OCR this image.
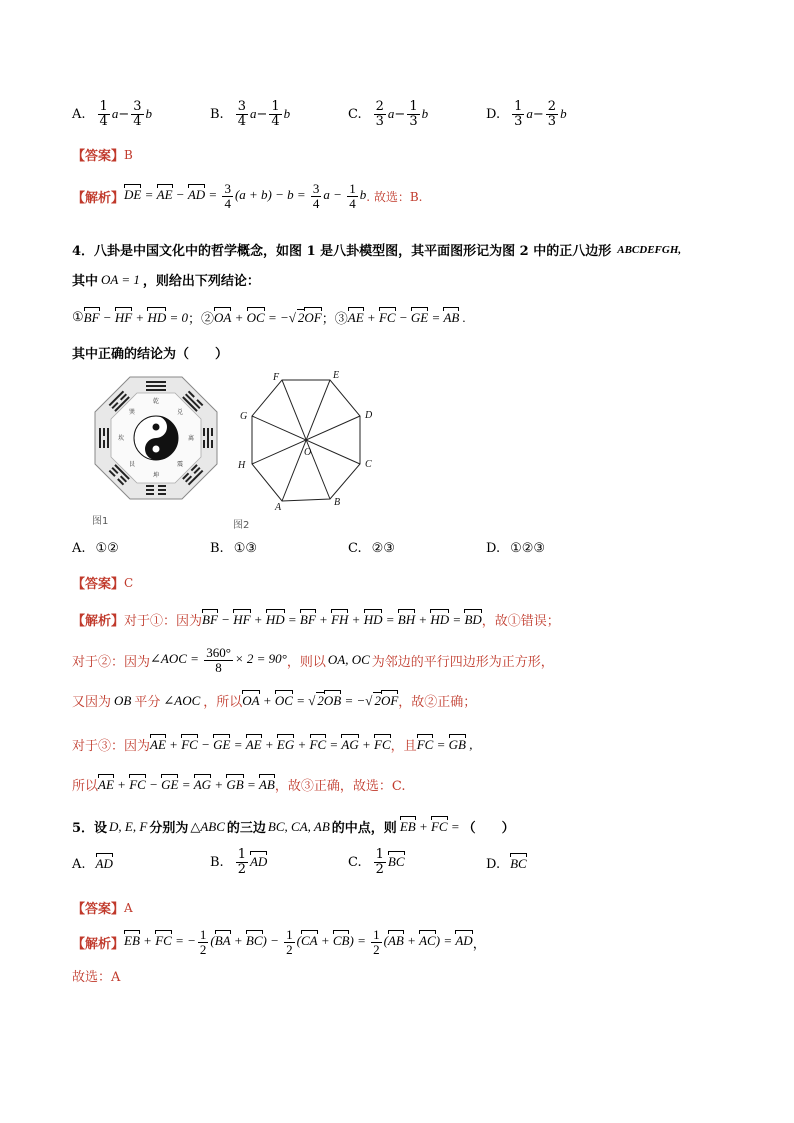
A. $\frac{1}{4}$ $a - \frac{3}{4}$ b	B. $\frac{3}{4}$ $a - \frac{1}{4}$ b	C. $\frac{2}{3}$ $a - \frac{1}{3}$ b	D. $\frac{1}{3}$ $a - \frac{2}{3}$ b
【答案】 B
【解析】 DE = AE − AD = $\frac{3}{4} (a + b) - b = \frac{3}{4}$ $a - \frac{1}{4}$ b . 故选：B.
4．八卦是中国文化中的哲学概念，如图 1 是八卦模型图，其平面图形记为图 2 中的正八边形 ABCDEFGH,
其中 OA = 1 ，则给出下列结论：
① BF − HF + HD = 0 ；② OA + OC = −√ 2OF ；③ AE + FC − GE = AB .
其中正确的结论为（　　）
乾
兑
离
震
巽
坎
艮
坤
图1
A	B
C
D
E
F
G
H
O
图2
A. ①②	B. ①③	C. ②③	D. ①②③
【答案】 C
【解析】 对于①：因为 BF − HF + HD = BF + FH + HD = BH + HD = BD ，故①错误；
对于②：因为 ∠AOC = $\frac{360^\circ}{8} \times 2 = 90^\circ$ ，则以 OA, OC 为邻边的平行四边形为正方形，
又因为 OB 平分 ∠AOC ，所以 OA + OC = √ 2OB = −√ 2OF ，故②正确；
对于③：因为 AE + FC − GE = AE + EG + FC = AG + FC ，且 FC = GB ,
所以 AE + FC − GE = AG + GB = AB ，故③正确，故选：C.
5．设 D, E, F 分别为 △ABC 的三边 BC, CA, AB 的中点，则 EB + FC = （　　）
A. AD	B. $\frac{1}{2}$ AD	C. $\frac{1}{2}$ BC	D. BC
【答案】 A
【解析】 EB + FC = − $\frac{1}{2} (BA + BC) - \frac{1}{2} (CA + CB) = \frac{1}{2} (AB + AC)$ = AD ，
故选：A
